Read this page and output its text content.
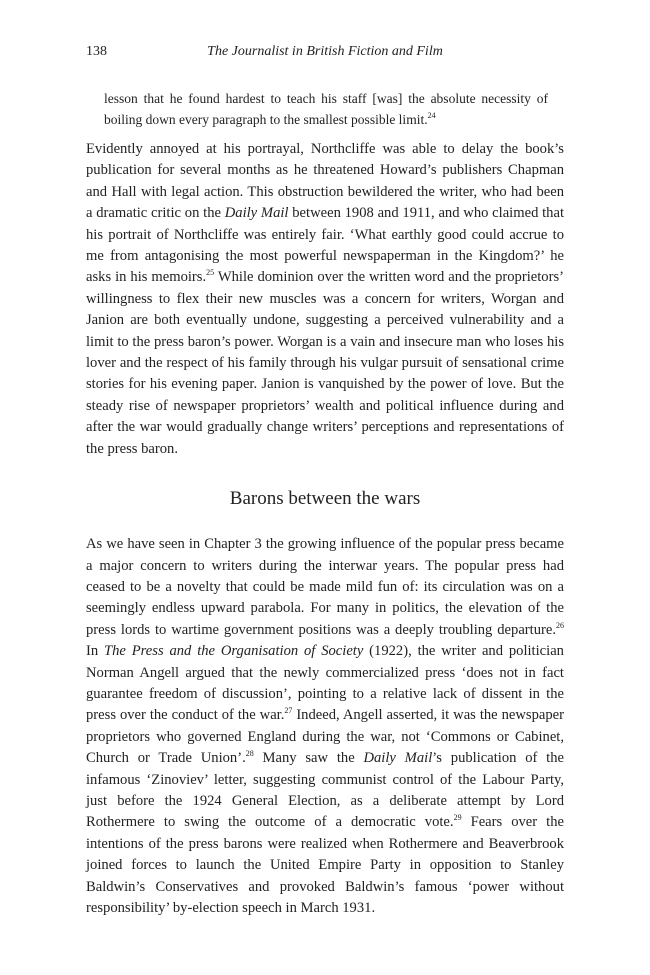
138	The Journalist in British Fiction and Film
lesson that he found hardest to teach his staff [was] the absolute necessity of boiling down every paragraph to the smallest possible limit.$^{24}$

Evidently annoyed at his portrayal, Northcliffe was able to delay the book’s publication for several months as he threatened Howard’s publishers Chapman and Hall with legal action. This obstruction bewildered the writer, who had been a dramatic critic on the Daily Mail between 1908 and 1911, and who claimed that his portrait of Northcliffe was entirely fair. ‘What earthly good could accrue to me from antagonising the most powerful newspaperman in the Kingdom?’ he asks in his memoirs.$^{25}$ While dominion over the written word and the proprietors’ willingness to flex their new muscles was a concern for writers, Worgan and Janion are both eventually undone, suggesting a perceived vulnerability and a limit to the press baron’s power. Worgan is a vain and insecure man who loses his lover and the respect of his family through his vulgar pursuit of sensational crime stories for his evening paper. Janion is vanquished by the power of love. But the steady rise of newspaper proprietors’ wealth and political influence during and after the war would gradually change writers’ perceptions and representations of the press baron.

Barons between the wars

As we have seen in Chapter 3 the growing influence of the popular press became a major concern to writers during the interwar years. The popular press had ceased to be a novelty that could be made mild fun of: its circulation was on a seemingly endless upward parabola. For many in politics, the elevation of the press lords to wartime government positions was a deeply troubling departure.$^{26}$ In The Press and the Organisation of Society (1922), the writer and politician Norman Angell argued that the newly commercialized press ‘does not in fact guarantee freedom of discussion’, pointing to a relative lack of dissent in the press over the conduct of the war.$^{27}$ Indeed, Angell asserted, it was the newspaper proprietors who governed England during the war, not ‘Commons or Cabinet, Church or Trade Union’.$^{28}$ Many saw the Daily Mail’s publication of the infamous ‘Zinoviev’ letter, suggesting communist control of the Labour Party, just before the 1924 General Election, as a deliberate attempt by Lord Rothermere to swing the outcome of a democratic vote.$^{29}$ Fears over the intentions of the press barons were realized when Rothermere and Beaverbrook joined forces to launch the United Empire Party in opposition to Stanley Baldwin’s Conservatives and provoked Baldwin’s famous ‘power without responsibility’ by-election speech in March 1931.
